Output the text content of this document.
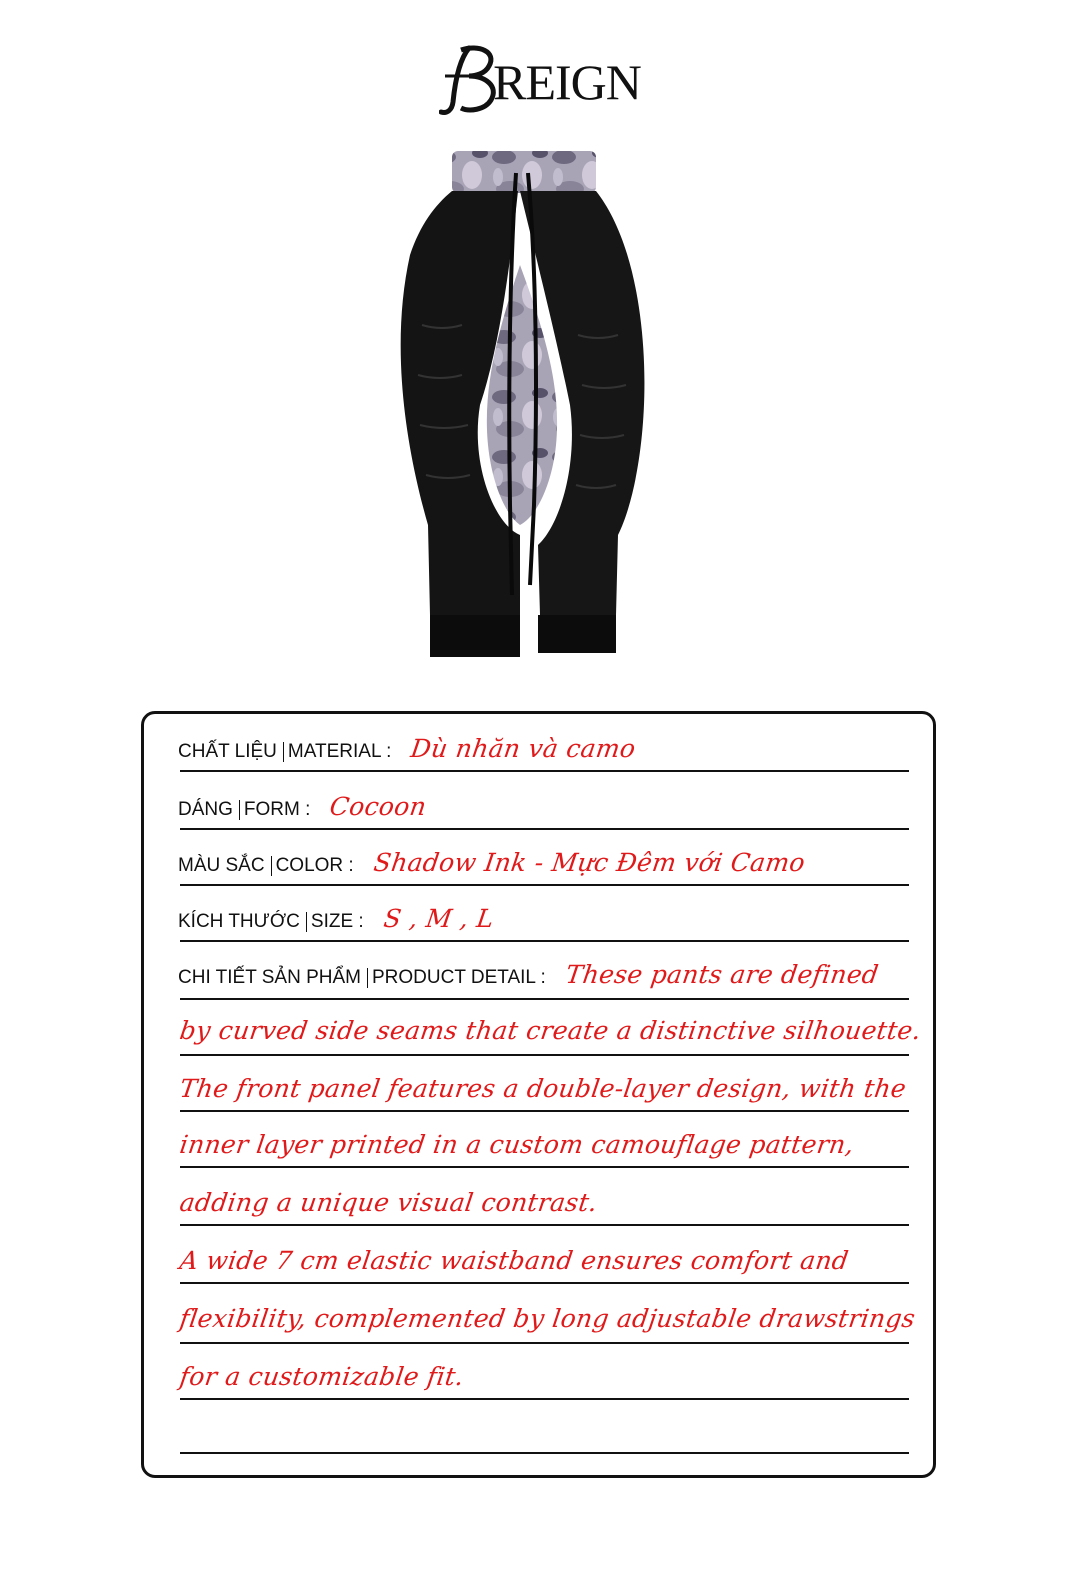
REIGN
CHẤT LIỆU MATERIAL : Dù nhăn và camo
DÁNG FORM : Cocoon
MÀU SẮC COLOR : Shadow Ink - Mực Đêm với Camo
KÍCH THƯỚC SIZE : S , M , L
CHI TIẾT SẢN PHẨM PRODUCT DETAIL : These pants are defined
by curved side seams that create a distinctive silhouette.
The front panel features a double-layer design, with the
inner layer printed in a custom camouflage pattern,
adding a unique visual contrast.
A wide 7 cm elastic waistband ensures comfort and
flexibility, complemented by long adjustable drawstrings
for a customizable fit.
